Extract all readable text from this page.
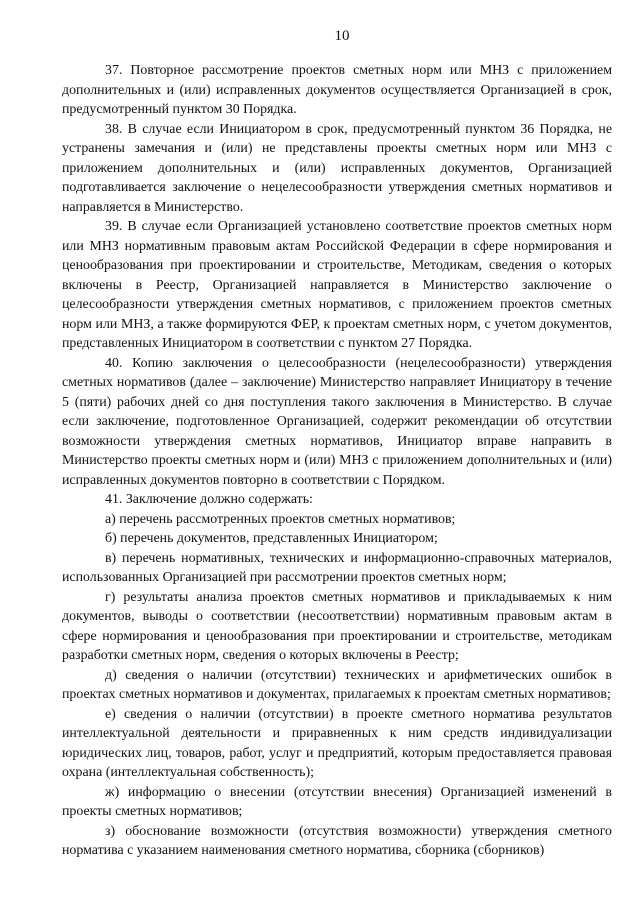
10

37. Повторное рассмотрение проектов сметных норм или МНЗ с приложением дополнительных и (или) исправленных документов осуществляется Организацией в срок, предусмотренный пунктом 30 Порядка.

38. В случае если Инициатором в срок, предусмотренный пунктом 36 Порядка, не устранены замечания и (или) не представлены проекты сметных норм или МНЗ с приложением дополнительных и (или) исправленных документов, Организацией подготавливается заключение о нецелесообразности утверждения сметных нормативов и направляется в Министерство.

39. В случае если Организацией установлено соответствие проектов сметных норм или МНЗ нормативным правовым актам Российской Федерации в сфере нормирования и ценообразования при проектировании и строительстве, Методикам, сведения о которых включены в Реестр, Организацией направляется в Министерство заключение о целесообразности утверждения сметных нормативов, с приложением проектов сметных норм или МНЗ, а также формируются ФЕР, к проектам сметных норм, с учетом документов, представленных Инициатором в соответствии с пунктом 27 Порядка.

40. Копию заключения о целесообразности (нецелесообразности) утверждения сметных нормативов (далее – заключение) Министерство направляет Инициатору в течение 5 (пяти) рабочих дней со дня поступления такого заключения в Министерство. В случае если заключение, подготовленное Организацией, содержит рекомендации об отсутствии возможности утверждения сметных нормативов, Инициатор вправе направить в Министерство проекты сметных норм и (или) МНЗ с приложением дополнительных и (или) исправленных документов повторно в соответствии с Порядком.

41. Заключение должно содержать:

а) перечень рассмотренных проектов сметных нормативов;

б) перечень документов, представленных Инициатором;

в) перечень нормативных, технических и информационно-справочных материалов, использованных Организацией при рассмотрении проектов сметных норм;

г) результаты анализа проектов сметных нормативов и прикладываемых к ним документов, выводы о соответствии (несоответствии) нормативным правовым актам в сфере нормирования и ценообразования при проектировании и строительстве, методикам разработки сметных норм, сведения о которых включены в Реестр;

д) сведения о наличии (отсутствии) технических и арифметических ошибок в проектах сметных нормативов и документах, прилагаемых к проектам сметных нормативов;

е) сведения о наличии (отсутствии) в проекте сметного норматива результатов интеллектуальной деятельности и приравненных к ним средств индивидуализации юридических лиц, товаров, работ, услуг и предприятий, которым предоставляется правовая охрана (интеллектуальная собственность);

ж) информацию о внесении (отсутствии внесения) Организацией изменений в проекты сметных нормативов;

з) обоснование возможности (отсутствия возможности) утверждения сметного норматива с указанием наименования сметного норматива, сборника (сборников)
